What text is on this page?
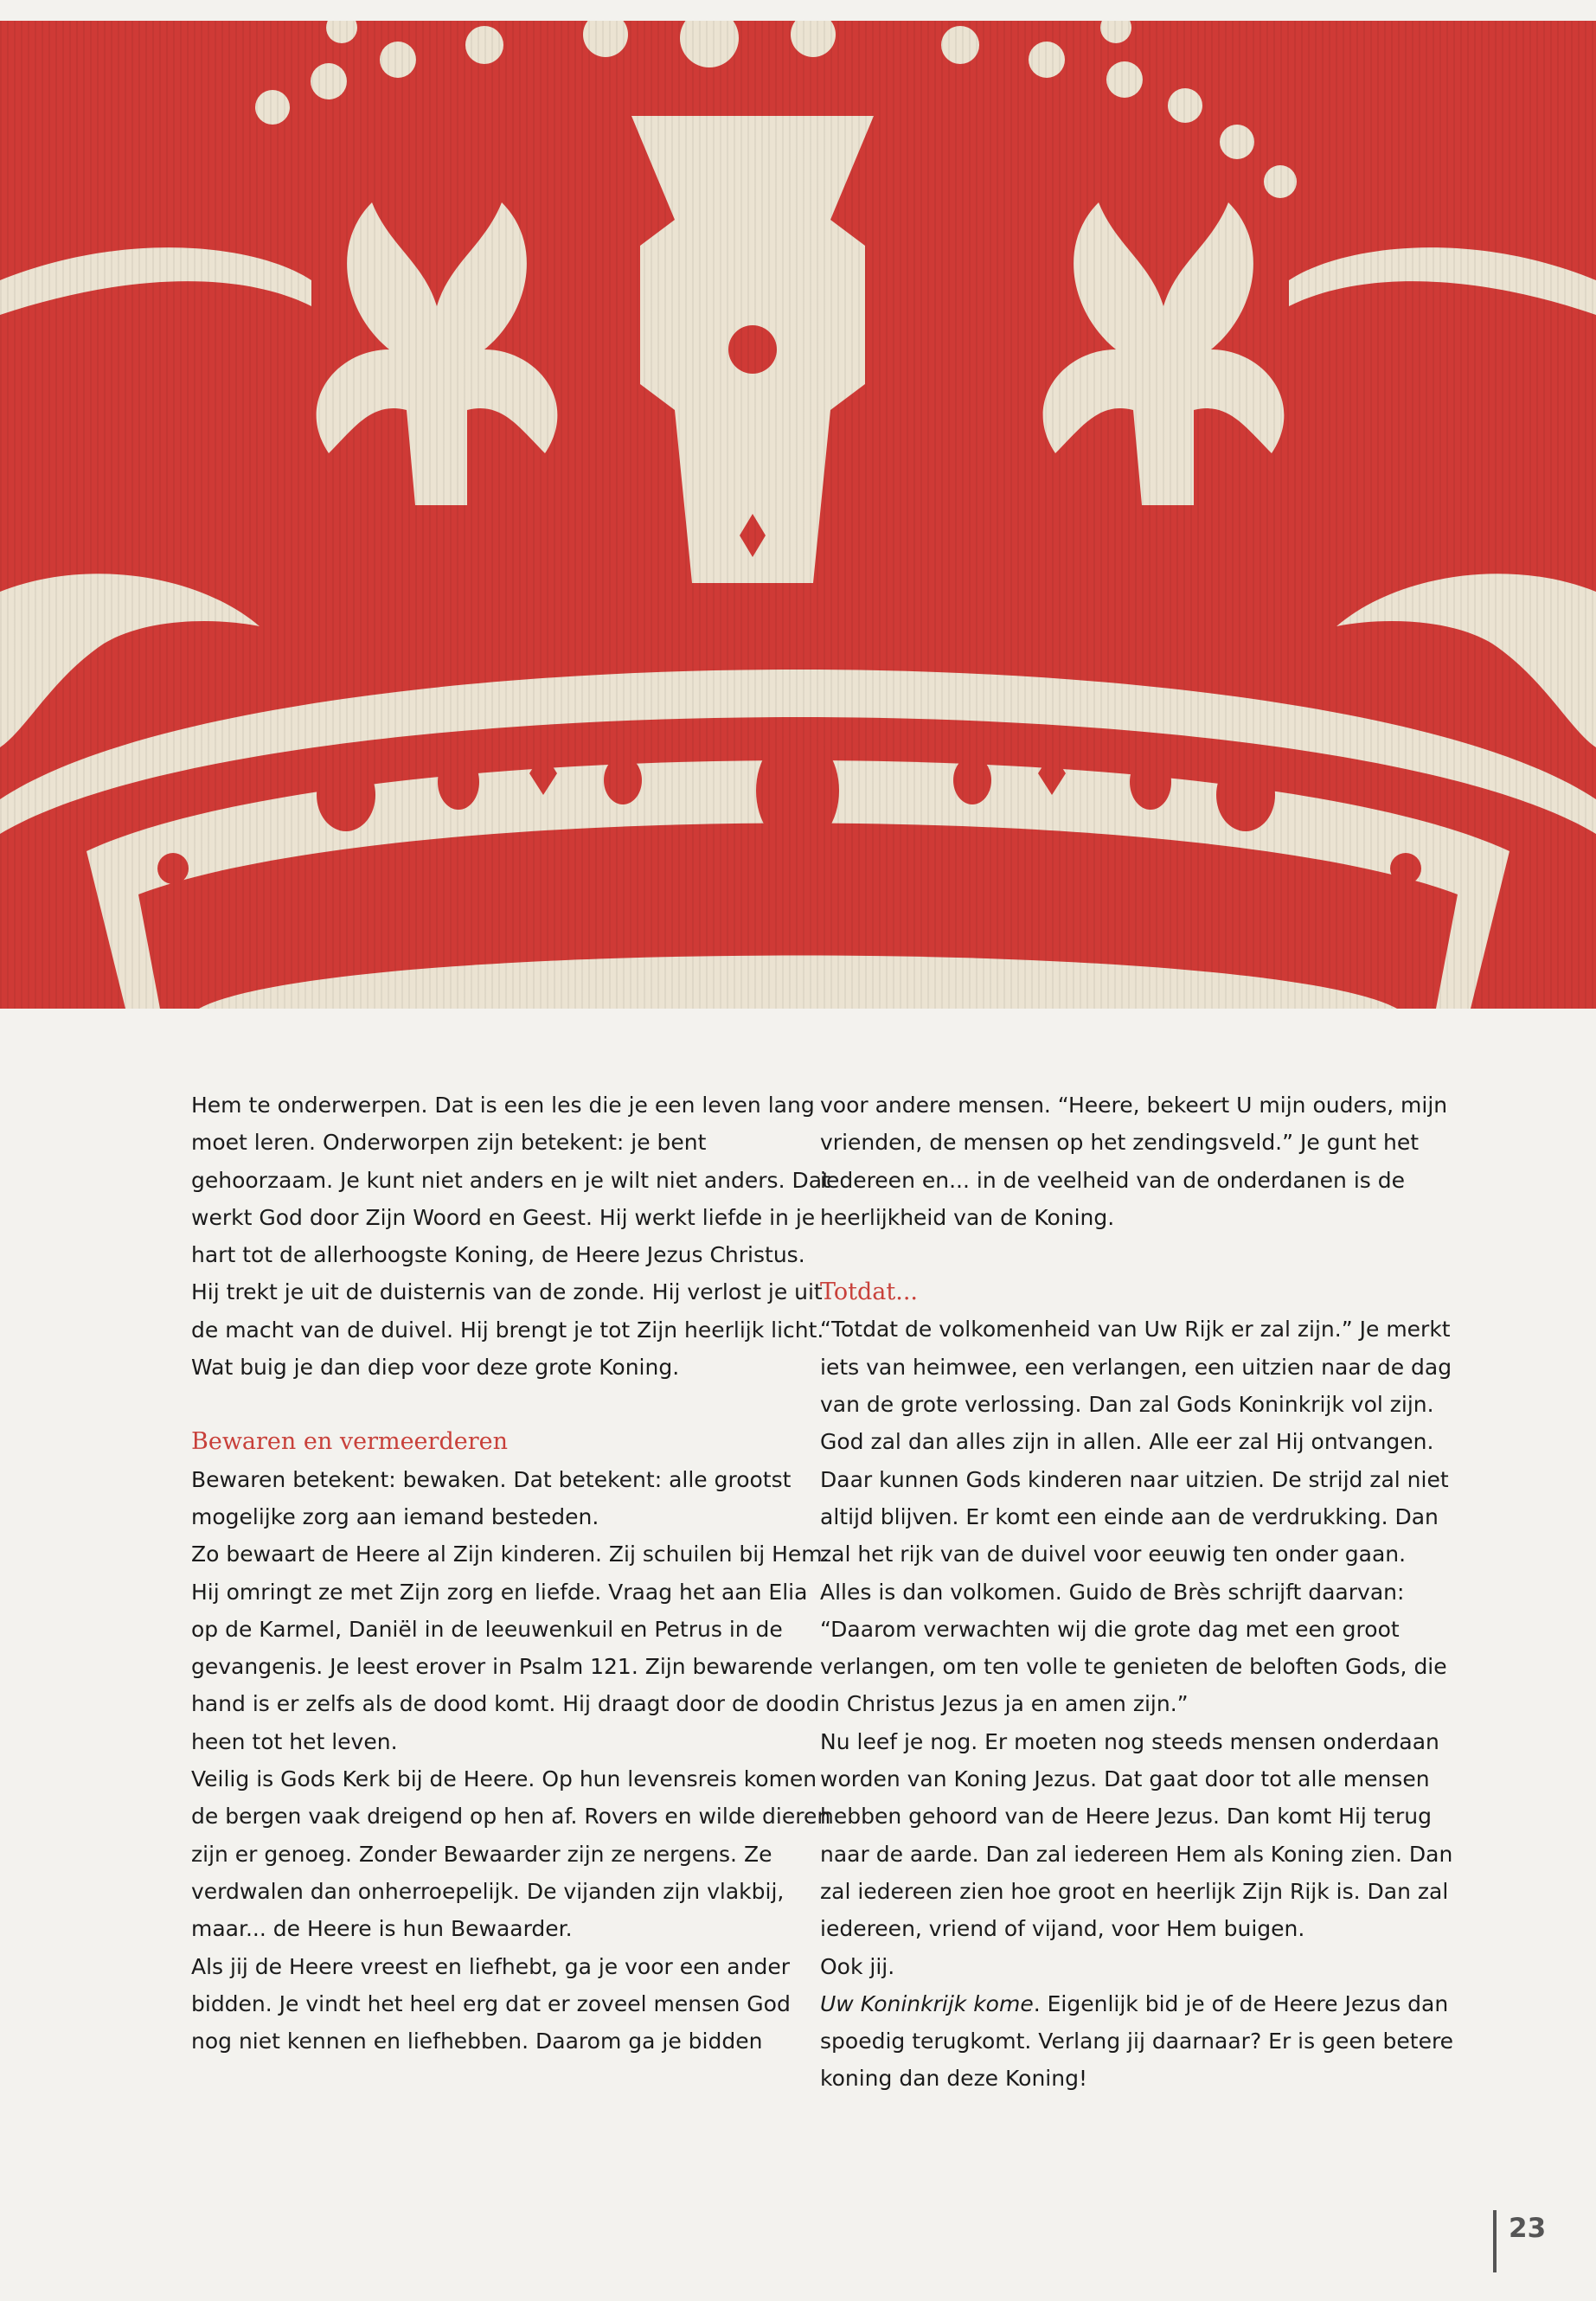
Hem te onderwerpen. Dat is een les die je een leven lang moet leren. Onderworpen zijn betekent: je bent gehoorzaam. Je kunt niet anders en je wilt niet anders. Dat werkt God door Zijn Woord en Geest. Hij werkt liefde in je hart tot de allerhoogste Koning, de Heere Jezus Christus. Hij trekt je uit de duisternis van de zonde. Hij verlost je uit de macht van de duivel. Hij brengt je tot Zijn heerlijk licht. Wat buig je dan diep voor deze grote Koning.

Bewaren en vermeerderen

Bewaren betekent: bewaken. Dat betekent: alle grootst mogelijke zorg aan iemand besteden.

Zo bewaart de Heere al Zijn kinderen. Zij schuilen bij Hem. Hij omringt ze met Zijn zorg en liefde. Vraag het aan Elia op de Karmel, Daniël in de leeuwenkuil en Petrus in de gevangenis. Je leest erover in Psalm 121. Zijn bewarende hand is er zelfs als de dood komt. Hij draagt door de dood heen tot het leven.

Veilig is Gods Kerk bij de Heere. Op hun levensreis komen de bergen vaak dreigend op hen af. Rovers en wilde dieren zijn er genoeg. Zonder Bewaarder zijn ze nergens. Ze verdwalen dan onherroepelijk. De vijanden zijn vlakbij, maar... de Heere is hun Bewaarder.

Als jij de Heere vreest en liefhebt, ga je voor een ander bidden. Je vindt het heel erg dat er zoveel mensen God nog niet kennen en liefhebben. Daarom ga je bidden

voor andere mensen. “Heere, bekeert U mijn ouders, mijn vrienden, de mensen op het zendingsveld.” Je gunt het iedereen en... in de veelheid van de onderdanen is de heerlijkheid van de Koning.

Totdat...

“Totdat de volkomenheid van Uw Rijk er zal zijn.” Je merkt iets van heimwee, een verlangen, een uitzien naar de dag van de grote verlossing. Dan zal Gods Koninkrijk vol zijn. God zal dan alles zijn in allen. Alle eer zal Hij ontvangen. Daar kunnen Gods kinderen naar uitzien. De strijd zal niet altijd blijven. Er komt een einde aan de verdrukking. Dan zal het rijk van de duivel voor eeuwig ten onder gaan. Alles is dan volkomen. Guido de Brès schrijft daarvan: “Daarom verwachten wij die grote dag met een groot verlangen, om ten volle te genieten de beloften Gods, die in Christus Jezus ja en amen zijn.”

Nu leef je nog. Er moeten nog steeds mensen onderdaan worden van Koning Jezus. Dat gaat door tot alle mensen hebben gehoord van de Heere Jezus. Dan komt Hij terug naar de aarde. Dan zal iedereen Hem als Koning zien. Dan zal iedereen zien hoe groot en heerlijk Zijn Rijk is. Dan zal iedereen, vriend of vijand, voor Hem buigen.

Ook jij.

Uw Koninkrijk kome. Eigenlijk bid je of de Heere Jezus dan spoedig terugkomt. Verlang jij daarnaar? Er is geen betere koning dan deze Koning!

23
